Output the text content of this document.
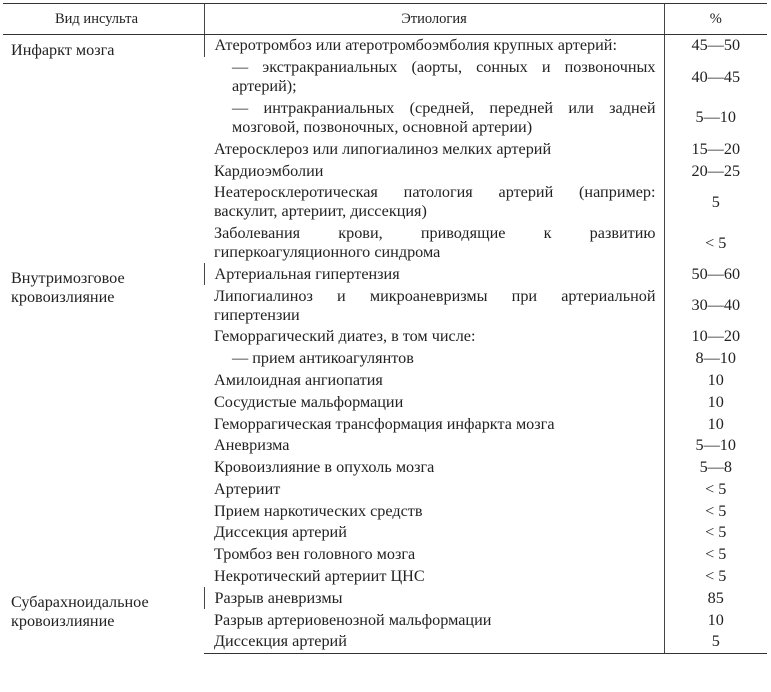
Вид инсульта	Этиология	%

Инфаркт мозга	Атеротромбоз или атеротромбоэмболия крупных артерий:	45—50
	— экстракраниальных (аорты, сонных и позвоночных артерий);	40—45
	— интракраниальных (средней, передней или задней мозговой, позвоночных, основной артерии)	5—10
	Атеросклероз или липогиалиноз мелких артерий	15—20
	Кардиоэмболии	20—25
	Неатеросклеротическая патология артерий (например: васкулит, артериит, диссекция)	5
	Заболевания крови, приводящие к развитию гиперкоагуляционного синдрома	< 5

Внутримозговое кровоизлияние	Артериальная гипертензия	50—60
	Липогиалиноз и микроаневризмы при артериальной гипертензии	30—40
	Геморрагический диатез, в том числе:	10—20
	— прием антикоагулянтов	8—10
	Амилоидная ангиопатия	10
	Сосудистые мальформации	10
	Геморрагическая трансформация инфаркта мозга	10
	Аневризма	5—10
	Кровоизлияние в опухоль мозга	5—8
	Артериит	< 5
	Прием наркотических средств	< 5
	Диссекция артерий	< 5
	Тромбоз вен головного мозга	< 5
	Некротический артериит ЦНС	< 5

Субарахноидальное кровоизлияние	Разрыв аневризмы	85
	Разрыв артериовенозной мальформации	10
	Диссекция артерий	5
